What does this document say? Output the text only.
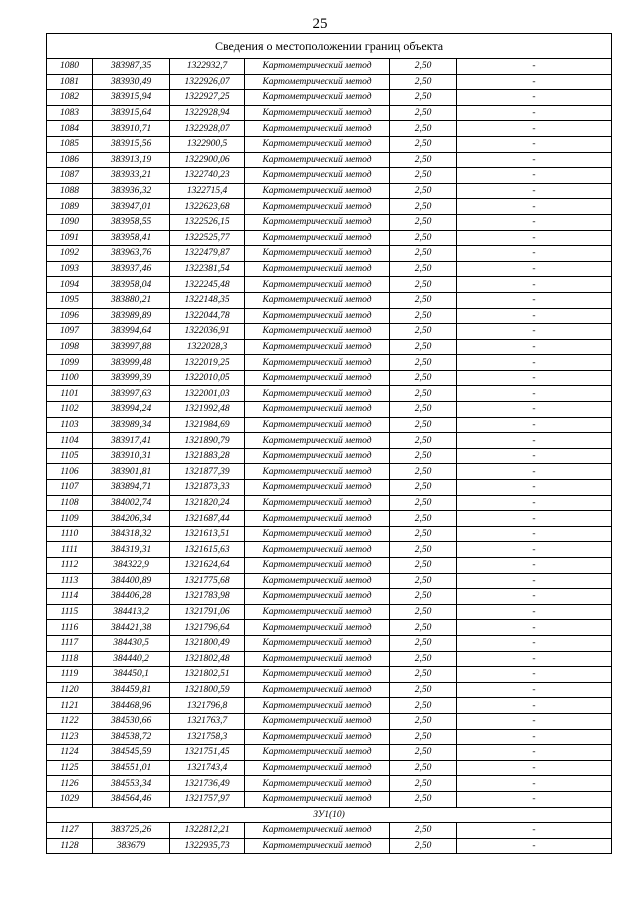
25
Сведения о местоположении границ объекта					
1080	383987,35	1322932,7	Картометрический метод	2,50	-
1081	383930,49	1322926,07	Картометрический метод	2,50	-
1082	383915,94	1322927,25	Картометрический метод	2,50	-
1083	383915,64	1322928,94	Картометрический метод	2,50	-
1084	383910,71	1322928,07	Картометрический метод	2,50	-
1085	383915,56	1322900,5	Картометрический метод	2,50	-
1086	383913,19	1322900,06	Картометрический метод	2,50	-
1087	383933,21	1322740,23	Картометрический метод	2,50	-
1088	383936,32	1322715,4	Картометрический метод	2,50	-
1089	383947,01	1322623,68	Картометрический метод	2,50	-
1090	383958,55	1322526,15	Картометрический метод	2,50	-
1091	383958,41	1322525,77	Картометрический метод	2,50	-
1092	383963,76	1322479,87	Картометрический метод	2,50	-
1093	383937,46	1322381,54	Картометрический метод	2,50	-
1094	383958,04	1322245,48	Картометрический метод	2,50	-
1095	383880,21	1322148,35	Картометрический метод	2,50	-
1096	383989,89	1322044,78	Картометрический метод	2,50	-
1097	383994,64	1322036,91	Картометрический метод	2,50	-
1098	383997,88	1322028,3	Картометрический метод	2,50	-
1099	383999,48	1322019,25	Картометрический метод	2,50	-
1100	383999,39	1322010,05	Картометрический метод	2,50	-
1101	383997,63	1322001,03	Картометрический метод	2,50	-
1102	383994,24	1321992,48	Картометрический метод	2,50	-
1103	383989,34	1321984,69	Картометрический метод	2,50	-
1104	383917,41	1321890,79	Картометрический метод	2,50	-
1105	383910,31	1321883,28	Картометрический метод	2,50	-
1106	383901,81	1321877,39	Картометрический метод	2,50	-
1107	383894,71	1321873,33	Картометрический метод	2,50	-
1108	384002,74	1321820,24	Картометрический метод	2,50	-
1109	384206,34	1321687,44	Картометрический метод	2,50	-
1110	384318,32	1321613,51	Картометрический метод	2,50	-
1111	384319,31	1321615,63	Картометрический метод	2,50	-
1112	384322,9	1321624,64	Картометрический метод	2,50	-
1113	384400,89	1321775,68	Картометрический метод	2,50	-
1114	384406,28	1321783,98	Картометрический метод	2,50	-
1115	384413,2	1321791,06	Картометрический метод	2,50	-
1116	384421,38	1321796,64	Картометрический метод	2,50	-
1117	384430,5	1321800,49	Картометрический метод	2,50	-
1118	384440,2	1321802,48	Картометрический метод	2,50	-
1119	384450,1	1321802,51	Картометрический метод	2,50	-
1120	384459,81	1321800,59	Картометрический метод	2,50	-
1121	384468,96	1321796,8	Картометрический метод	2,50	-
1122	384530,66	1321763,7	Картометрический метод	2,50	-
1123	384538,72	1321758,3	Картометрический метод	2,50	-
1124	384545,59	1321751,45	Картометрический метод	2,50	-
1125	384551,01	1321743,4	Картометрический метод	2,50	-
1126	384553,34	1321736,49	Картометрический метод	2,50	-
1029	384564,46	1321757,97	Картометрический метод	2,50	-
ЗУ1(10)					
1127	383725,26	1322812,21	Картометрический метод	2,50	-
1128	383679	1322935,73	Картометрический метод	2,50	-
